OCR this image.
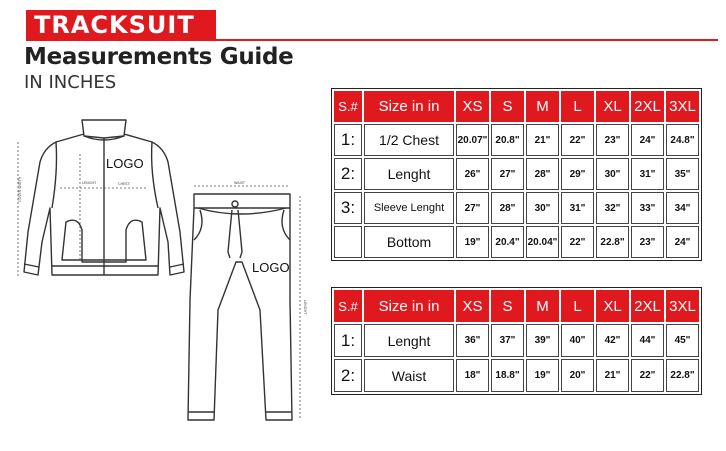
TRACKSUIT
Measurements Guide
IN INCHES
LOGO
CHEST
LENGHT
COVER WIDTH	WAIST
LENGHT
LOGO
S.#	Size in in	XS	S	M	L	XL	2XL	3XL
1:	1/2 Chest	20.07"	20.8"	21"	22"	23"	24"	24.8"
2:	Lenght	26"	27"	28"	29"	30"	31"	35"
3:	Sleeve Lenght	27"	28"	30"	31"	32"	33"	34"
	Bottom	19"	20.4"	20.04"	22"	22.8"	23"	24"
S.#	Size in in	XS	S	M	L	XL	2XL	3XL
1:	Lenght	36"	37"	39"	40"	42"	44"	45"
2:	Waist	18"	18.8"	19"	20"	21"	22"	22.8"
